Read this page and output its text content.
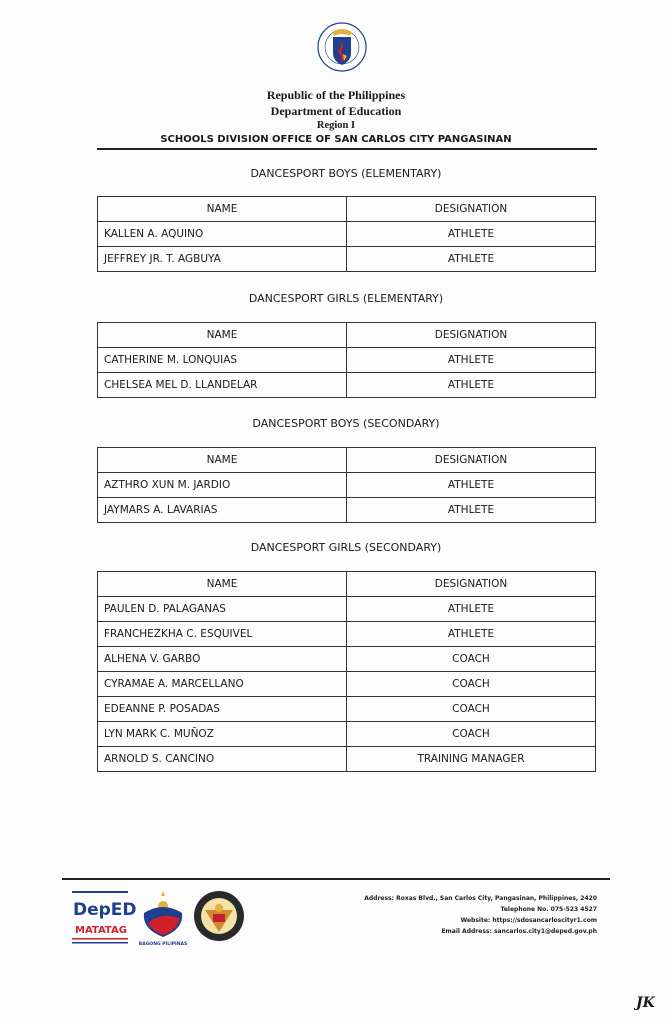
Republic of the Philippines
Department of Education
Region I
SCHOOLS DIVISION OFFICE OF SAN CARLOS CITY PANGASINAN
DANCESPORT BOYS (ELEMENTARY)
NAME	DESIGNATION
KALLEN A. AQUINO	ATHLETE
JEFFREY JR. T. AGBUYA	ATHLETE
DANCESPORT GIRLS (ELEMENTARY)
NAME	DESIGNATION
CATHERINE M. LONQUIAS	ATHLETE
CHELSEA MEL D. LLANDELAR	ATHLETE
DANCESPORT BOYS (SECONDARY)
NAME	DESIGNATION
AZTHRO XUN M. JARDIO	ATHLETE
JAYMARS A. LAVARIAS	ATHLETE
DANCESPORT GIRLS (SECONDARY)
NAME	DESIGNATION
PAULEN D. PALAGANAS	ATHLETE
FRANCHEZKHA C. ESQUIVEL	ATHLETE
ALHENA V. GARBO	COACH
CYRAMAE A. MARCELLANO	COACH
EDEANNE P. POSADAS	COACH
LYN MARK C. MUÑOZ	COACH
ARNOLD S. CANCINO	TRAINING MANAGER
DepED
MATATAG
BAGONG PILIPINAS
Address: Roxas Blvd., San Carlos City, Pangasinan, Philippines, 2420
Telephone No. 075-523 4527
Website: https://sdosancarloscityr1.com
Email Address: sancarlos.city1@deped.gov.ph
JK
